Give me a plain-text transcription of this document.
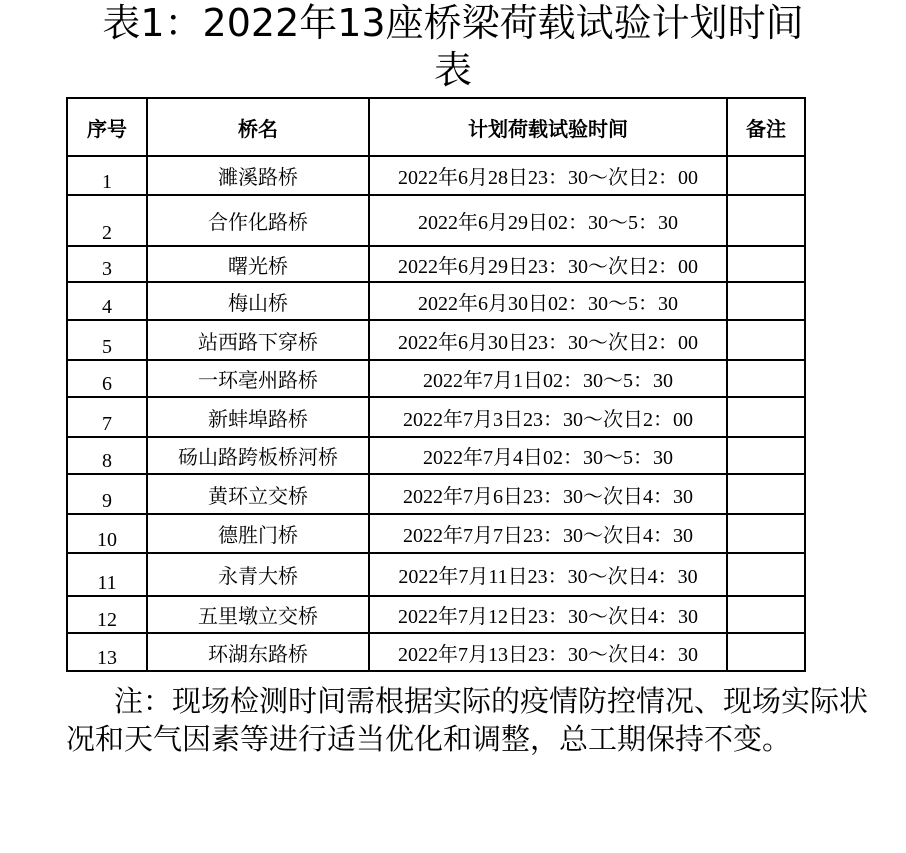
表1：2022年13座桥梁荷载试验计划时间
表
序号	桥名	计划荷载试验时间	备注
1	濉溪路桥	2022年6月28日23：30～次日2：00	
2	合作化路桥	2022年6月29日02：30～5：30	
3	曙光桥	2022年6月29日23：30～次日2：00	
4	梅山桥	2022年6月30日02：30～5：30	
5	站西路下穿桥	2022年6月30日23：30～次日2：00	
6	一环亳州路桥	2022年7月1日02：30～5：30	
7	新蚌埠路桥	2022年7月3日23：30～次日2：00	
8	砀山路跨板桥河桥	2022年7月4日02：30～5：30	
9	黄环立交桥	2022年7月6日23：30～次日4：30	
10	德胜门桥	2022年7月7日23：30～次日4：30	
11	永青大桥	2022年7月11日23：30～次日4：30	
12	五里墩立交桥	2022年7月12日23：30～次日4：30	
13	环湖东路桥	2022年7月13日23：30～次日4：30	
注：现场检测时间需根据实际的疫情防控情况、现场实际状况和天气因素等进行适当优化和调整，总工期保持不变。
